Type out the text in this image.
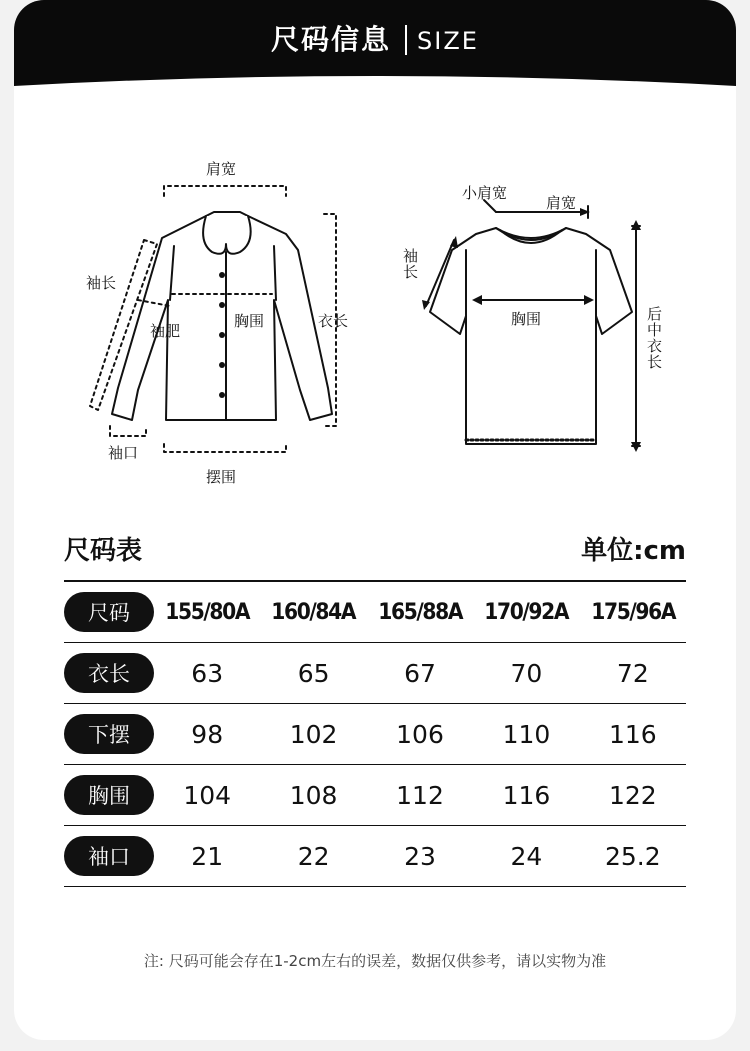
尺码信息 SIZE
肩宽
袖长
袖肥
胸围	衣长
袖口
摆围
小肩宽
肩宽
袖长
胸围	后中衣长
尺码表	单位:cm
尺码	155/80A	160/84A	165/88A	170/92A	175/96A
衣长	63	65	67	70	72
下摆	98	102	106	110	116
胸围	104	108	112	116	122
袖口	21	22	23	24	25.2
注: 尺码可能会存在1-2cm左右的误差，数据仅供参考，请以实物为准
